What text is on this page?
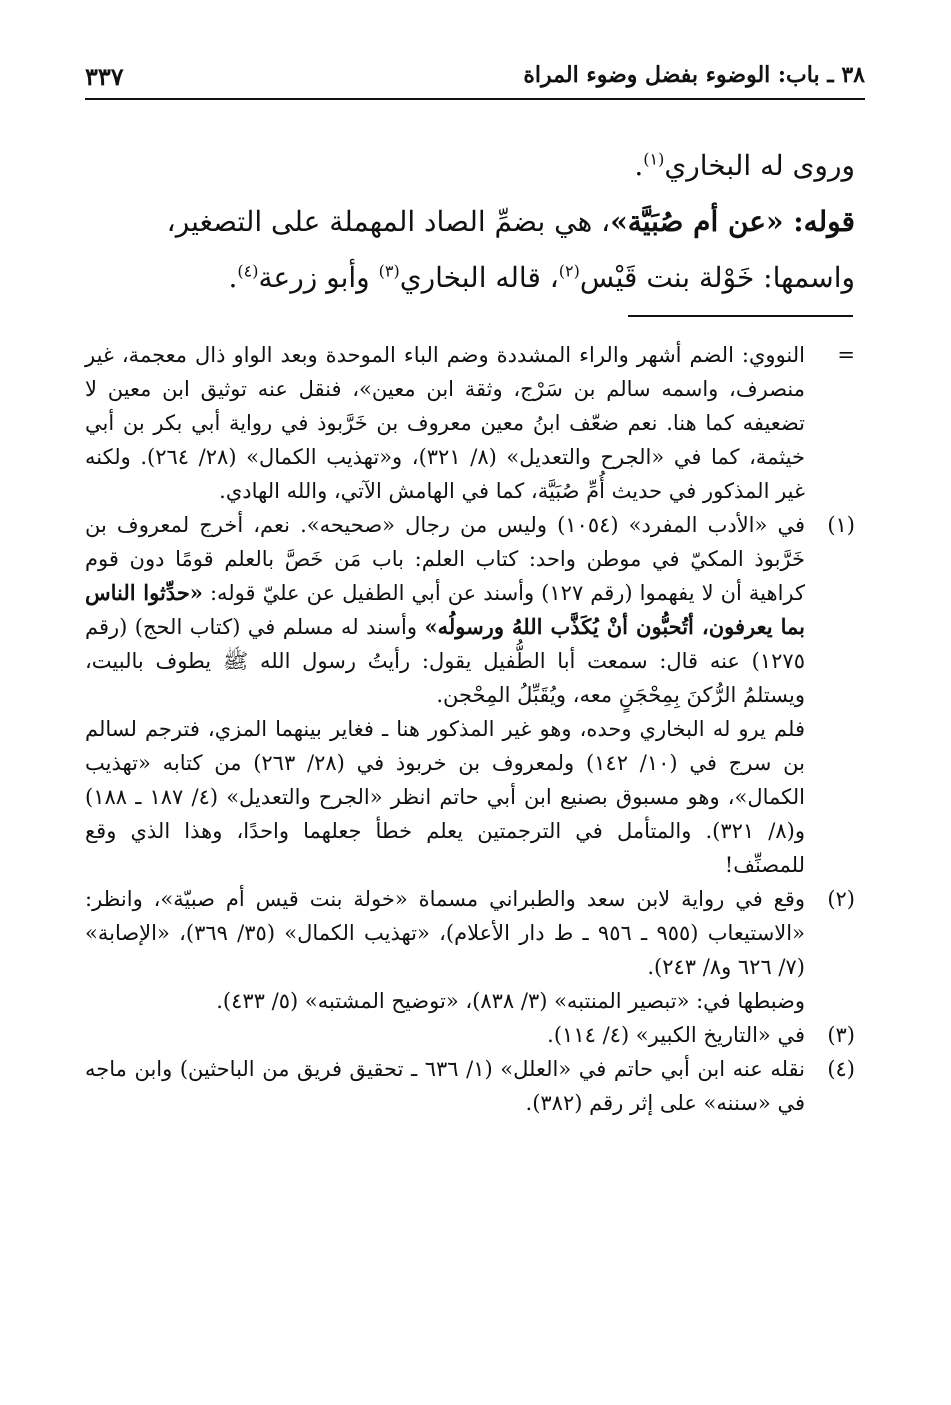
٣٨ ـ باب: الوضوء بفضل وضوء المراة
٣٣٧

وروى له البخاري$^{(١)}$.

قوله: «عن أم صُبَيَّة»، هي بضمِّ الصاد المهملة على التصغير،

واسمها: خَوْلة بنت قَيْس$^{(٢)}$، قاله البخاري$^{(٣)}$ وأبو زرعة$^{(٤)}$.

=

النووي: الضم أشهر والراء المشددة وضم الباء الموحدة وبعد الواو ذال معجمة، غير منصرف، واسمه سالم بن سَرْج، وثقة ابن معين»، فنقل عنه توثيق ابن معين لا تضعيفه كما هنا. نعم ضعّف ابنُ معين معروف بن خَرَّبوذ في رواية أبي بكر بن أبي خيثمة، كما في «الجرح والتعديل» (٨/ ٣٢١)، و«تهذيب الكمال» (٢٨/ ٢٦٤). ولكنه غير المذكور في حديث أُمِّ صُبَيَّة، كما في الهامش الآتي، والله الهادي.

(١)

في «الأدب المفرد» (١٠٥٤) وليس من رجال «صحيحه». نعم، أخرج لمعروف بن خَرَّبوذ المكيّ في موطن واحد: كتاب العلم: باب مَن خَصَّ بالعلم قومًا دون قوم كراهية أن لا يفهموا (رقم ١٢٧) وأسند عن أبي الطفيل عن عليّ قوله: «حدِّثوا الناس بما يعرفون، أتُحبُّون أنْ يُكَذَّب اللهُ ورسولُه» وأسند له مسلم في (كتاب الحج) (رقم ١٢٧٥) عنه قال: سمعت أبا الطُّفيل يقول: رأيتُ رسول الله ﷺ يطوف بالبيت، ويستلمُ الرُّكنَ بِمِحْجَنٍ معه، ويُقَبِّلُ المِحْجن.

فلم يرو له البخاري وحده، وهو غير المذكور هنا ـ فغاير بينهما المزي، فترجم لسالم بن سرج في (١٠/ ١٤٢) ولمعروف بن خربوذ في (٢٨/ ٢٦٣) من كتابه «تهذيب الكمال»، وهو مسبوق بصنيع ابن أبي حاتم انظر «الجرح والتعديل» (٤/ ١٨٧ ـ ١٨٨) و(٨/ ٣٢١). والمتأمل في الترجمتين يعلم خطأ جعلهما واحدًا، وهذا الذي وقع للمصنِّف!

(٢)

وقع في رواية لابن سعد والطبراني مسماة «خولة بنت قيس أم صبيّة»، وانظر: «الاستيعاب (٩٥٥ ـ ٩٥٦ ـ ط دار الأعلام)، «تهذيب الكمال» (٣٥/ ٣٦٩)، «الإصابة» (٧/ ٦٢٦ و٨/ ٢٤٣).

وضبطها في: «تبصير المنتبه» (٣/ ٨٣٨)، «توضيح المشتبه» (٥/ ٤٣٣).

(٣)

في «التاريخ الكبير» (٤/ ١١٤).

(٤)

نقله عنه ابن أبي حاتم في «العلل» (١/ ٦٣٦ ـ تحقيق فريق من الباحثين) وابن ماجه في «سننه» على إثر رقم (٣٨٢).
